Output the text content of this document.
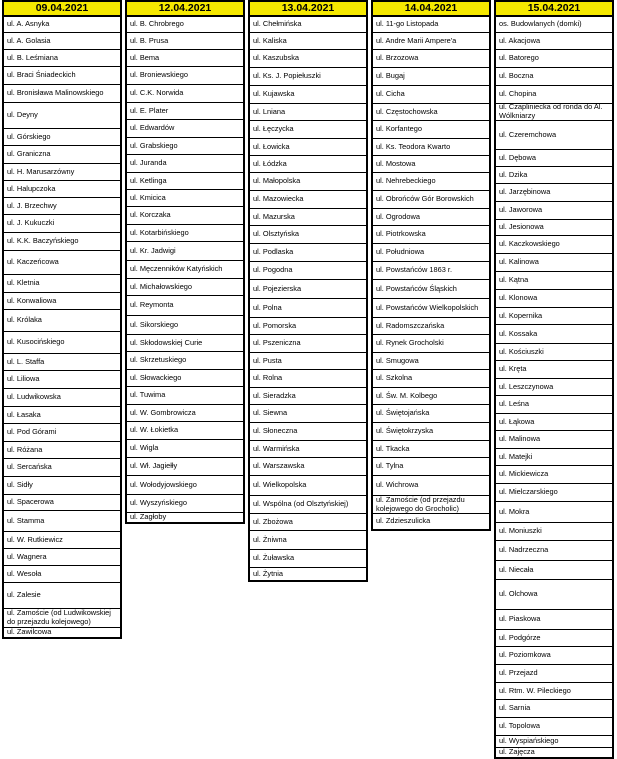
09.04.2021
ul. A. Asnyka
ul. A. Golasia
ul. B. Leśmiana
ul. Braci Śniadeckich
ul. Bronisława Malinowskiego
ul. Deyny
ul. Górskiego
ul. Graniczna
ul. H. Marusarzówny
ul. Halupczoka
ul. J. Brzechwy
ul. J. Kukuczki
ul. K.K. Baczyńskiego
ul. Kaczeńcowa
ul. Kletnia
ul. Konwaliowa
ul. Królaka
ul. Kusocińskiego
ul. L. Staffa
ul. Liliowa
ul. Ludwikowska
ul. Łasaka
ul. Pod Górami
ul. Różana
ul. Sercańska
ul. Sidły
ul. Spacerowa
ul. Stamma
ul. W. Rutkiewicz
ul. Wagnera
ul. Wesoła
ul. Zalesie
ul. Zamoście (od Ludwikowskiej do przejazdu kolejowego)
ul. Zawilcowa
12.04.2021
ul. B. Chrobrego
ul. B. Prusa
ul. Bema
ul. Broniewskiego
ul. C.K. Norwida
ul. E. Plater
ul. Edwardów
ul. Grabskiego
ul. Juranda
ul. Ketlinga
ul. Kmicica
ul. Korczaka
ul. Kotarbińskiego
ul. Kr. Jadwigi
ul. Męczenników Katyńskich
ul. Michałowskiego
ul. Reymonta
ul. Sikorskiego
ul. Skłodowskiej Curie
ul. Skrzetuskiego
ul. Słowackiego
ul. Tuwima
ul. W. Gombrowicza
ul. W. Łokietka
ul. Wigla
ul. Wł. Jagiełły
ul. Wołodyjowskiego
ul. Wyszyńskiego
ul. Zagłoby
13.04.2021
ul. Chełmińska
ul. Kaliska
ul. Kaszubska
ul. Ks. J. Popiełuszki
ul. Kujawska
ul. Lniana
ul. Łęczycka
ul. Łowicka
ul. Łódzka
ul. Małopolska
ul. Mazowiecka
ul. Mazurska
ul. Olsztyńska
ul. Podlaska
ul. Pogodna
ul. Pojezierska
ul. Polna
ul. Pomorska
ul. Pszeniczna
ul. Pusta
ul. Rolna
ul. Sieradzka
ul. Siewna
ul. Słoneczna
ul. Warmińska
ul. Warszawska
ul. Wielkopolska
ul. Wspólna (od Olsztyńskiej)
ul. Zbożowa
ul. Żniwna
ul. Żuławska
ul. Żytnia
14.04.2021
ul. 11-go Listopada
ul. Andre Marii Ampere'a
ul. Brzozowa
ul. Bugaj
ul. Cicha
ul. Częstochowska
ul. Korfantego
ul. Ks. Teodora Kwarto
ul. Mostowa
ul. Nehrebeckiego
ul. Obrońców Gór Borowskich
ul. Ogrodowa
ul. Piotrkowska
ul. Południowa
ul. Powstańców 1863 r.
ul. Powstańców Śląskich
ul. Powstańców Wielkopolskich
ul. Radomszczańska
ul. Rynek Grocholski
ul. Smugowa
ul. Szkolna
ul. Św. M. Kolbego
ul. Świętojańska
ul. Świętokrzyska
ul. Tkacka
ul. Tylna
ul. Wichrowa
ul. Zamoście (od przejazdu kolejowego do Grocholic)
ul. Zdzieszulicka
15.04.2021
os. Budowlanych (domki)
ul. Akacjowa
ul. Batorego
ul. Boczna
ul. Chopina
ul. Czaplinieckа od ronda do Al. Wólkniarzy
ul. Czeremchowa
ul. Dębowa
ul. Dzika
ul. Jarzębinowa
ul. Jaworowa
ul. Jesionowa
ul. Kaczkowskiego
ul. Kalinowa
ul. Kątna
ul. Klonowa
ul. Kopernika
ul. Kossaka
ul. Kościuszki
ul. Kręta
ul. Leszczynowa
ul. Leśna
ul. Łąkowa
ul. Malinowa
ul. Matejki
ul. Mickiewicza
ul. Mielczarskiego
ul. Mokra
ul. Moniuszki
ul. Nadrzeczna
ul. Niecała
ul. Olchowa
ul. Piaskowa
ul. Podgórze
ul. Poziomkowa
ul. Przejazd
ul. Rtm. W. Pileckiego
ul. Sarnia
ul. Topolowa
ul. Wyspiańskiego
ul. Zajęcza
